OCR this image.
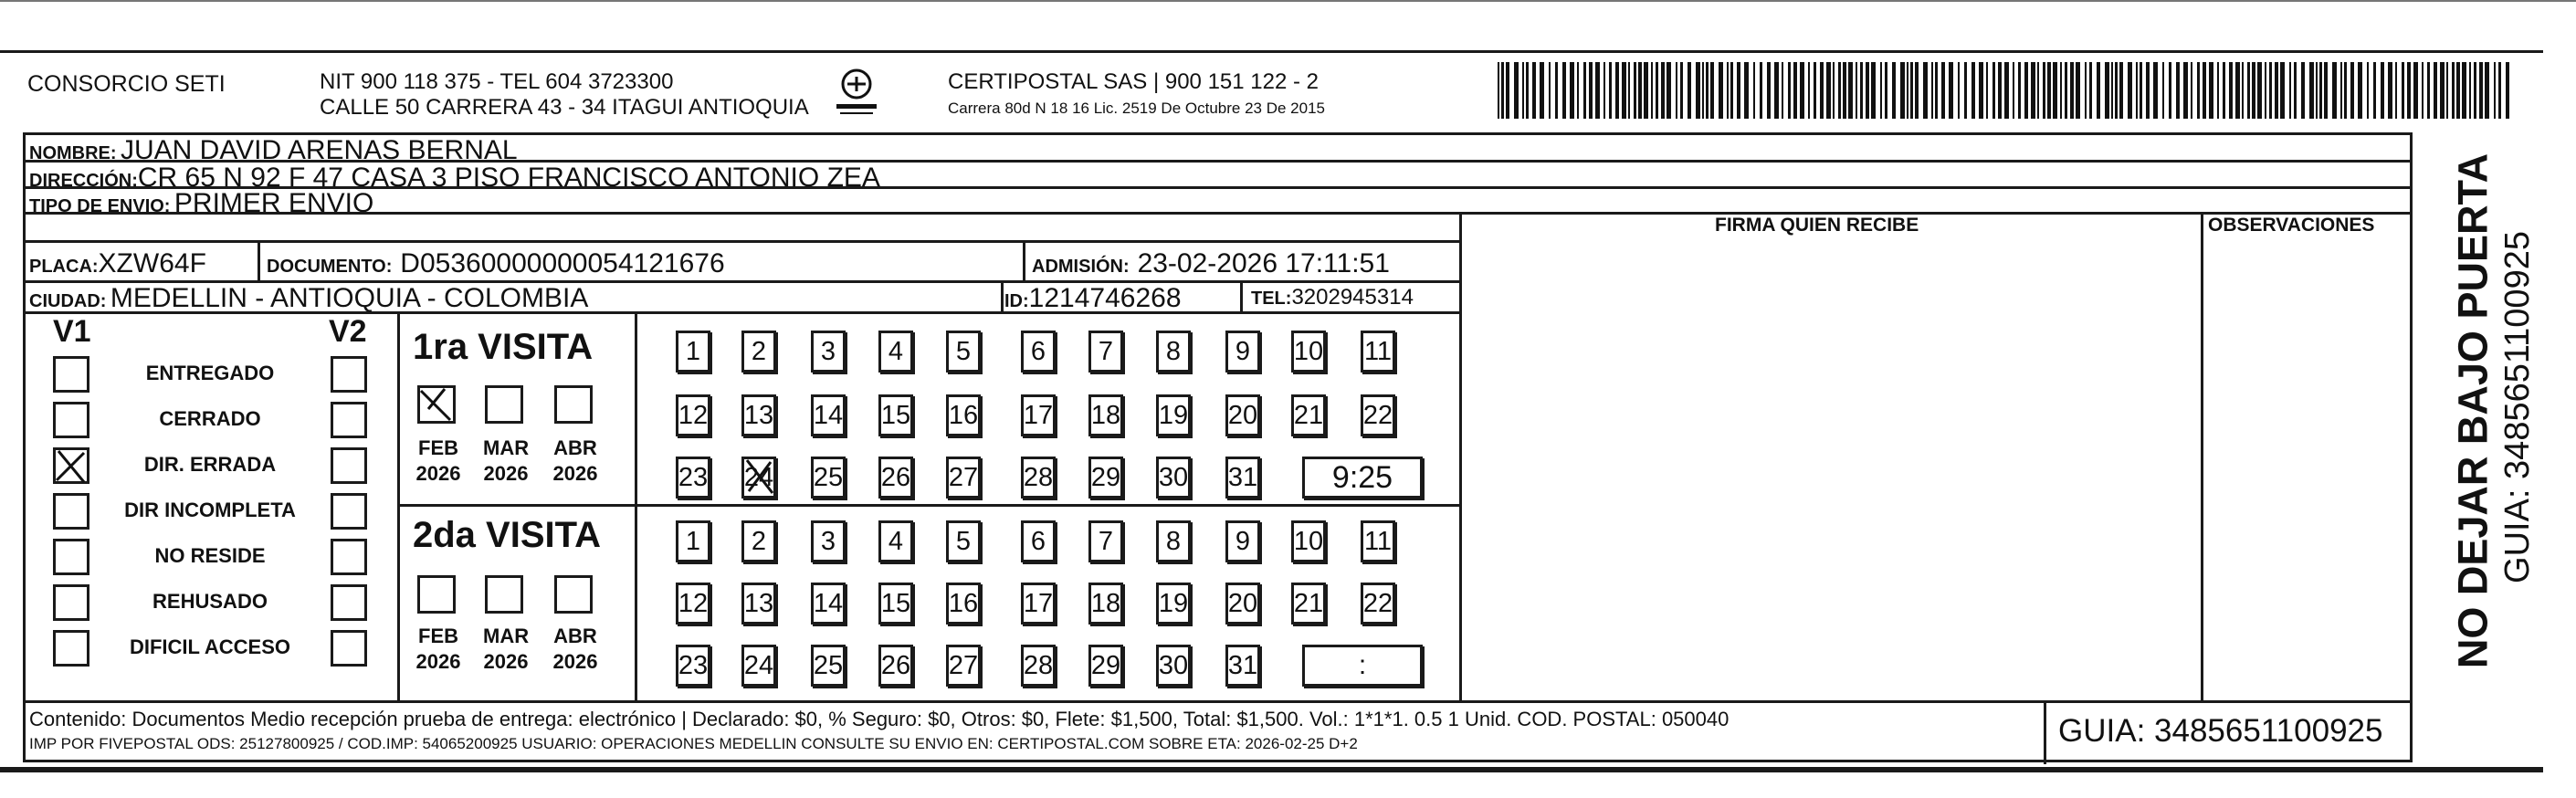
CONSORCIO SETI	NIT 900 118 375 - TEL 604 3723300
CALLE 50 CARRERA 43 - 34 ITAGUI ANTIOQUIA
CERTIPOSTAL SAS | 900 151 122 - 2
Carrera 80d N 18 16 Lic. 2519 De Octubre 23 De 2015
NOMBRE: JUAN DAVID ARENAS BERNAL
DIRECCIÓN:CR 65 N 92 F 47 CASA 3 PISO FRANCISCO ANTONIO ZEA
TIPO DE ENVIO: PRIMER ENVIO
FIRMA QUIEN RECIBE	OBSERVACIONES
PLACA:XZW64F	DOCUMENTO: D05360000000054121676	ADMISIÓN: 23-02-2026 17:11:51
CIUDAD: MEDELLIN - ANTIOQUIA - COLOMBIA	ID:1214746268	TEL:3202945314
V1	V2
ENTREGADO
CERRADO
DIR. ERRADA
DIR INCOMPLETA
NO RESIDE
REHUSADO
DIFICIL ACCESO
1ra VISITA
2da VISITA
FEB
2026
MAR
2026
ABR
2026
FEB
2026
MAR
2026
ABR
2026
1 2 3 4 5 6 7 8 9 10 11
12 13 14 15 16 17 18 19 20 21 22
23 24 25 26 27 28 29 30 31 9:25
1 2 3 4 5 6 7 8 9 10 11
12 13 14 15 16 17 18 19 20 21 22
23 24 25 26 27 28 29 30 31	:
Contenido: Documentos Medio recepción prueba de entrega: electrónico | Declarado: $0, % Seguro: $0, Otros: $0, Flete: $1,500, Total: $1,500. Vol.: 1*1*1. 0.5 1 Unid. COD. POSTAL: 050040
IMP POR FIVEPOSTAL ODS: 25127800925 / COD.IMP: 54065200925 USUARIO: OPERACIONES MEDELLIN CONSULTE SU ENVIO EN: CERTIPOSTAL.COM SOBRE ETA: 2026-02-25 D+2	GUIA: 3485651100925
NO DEJAR BAJO PUERTA GUIA: 3485651100925
